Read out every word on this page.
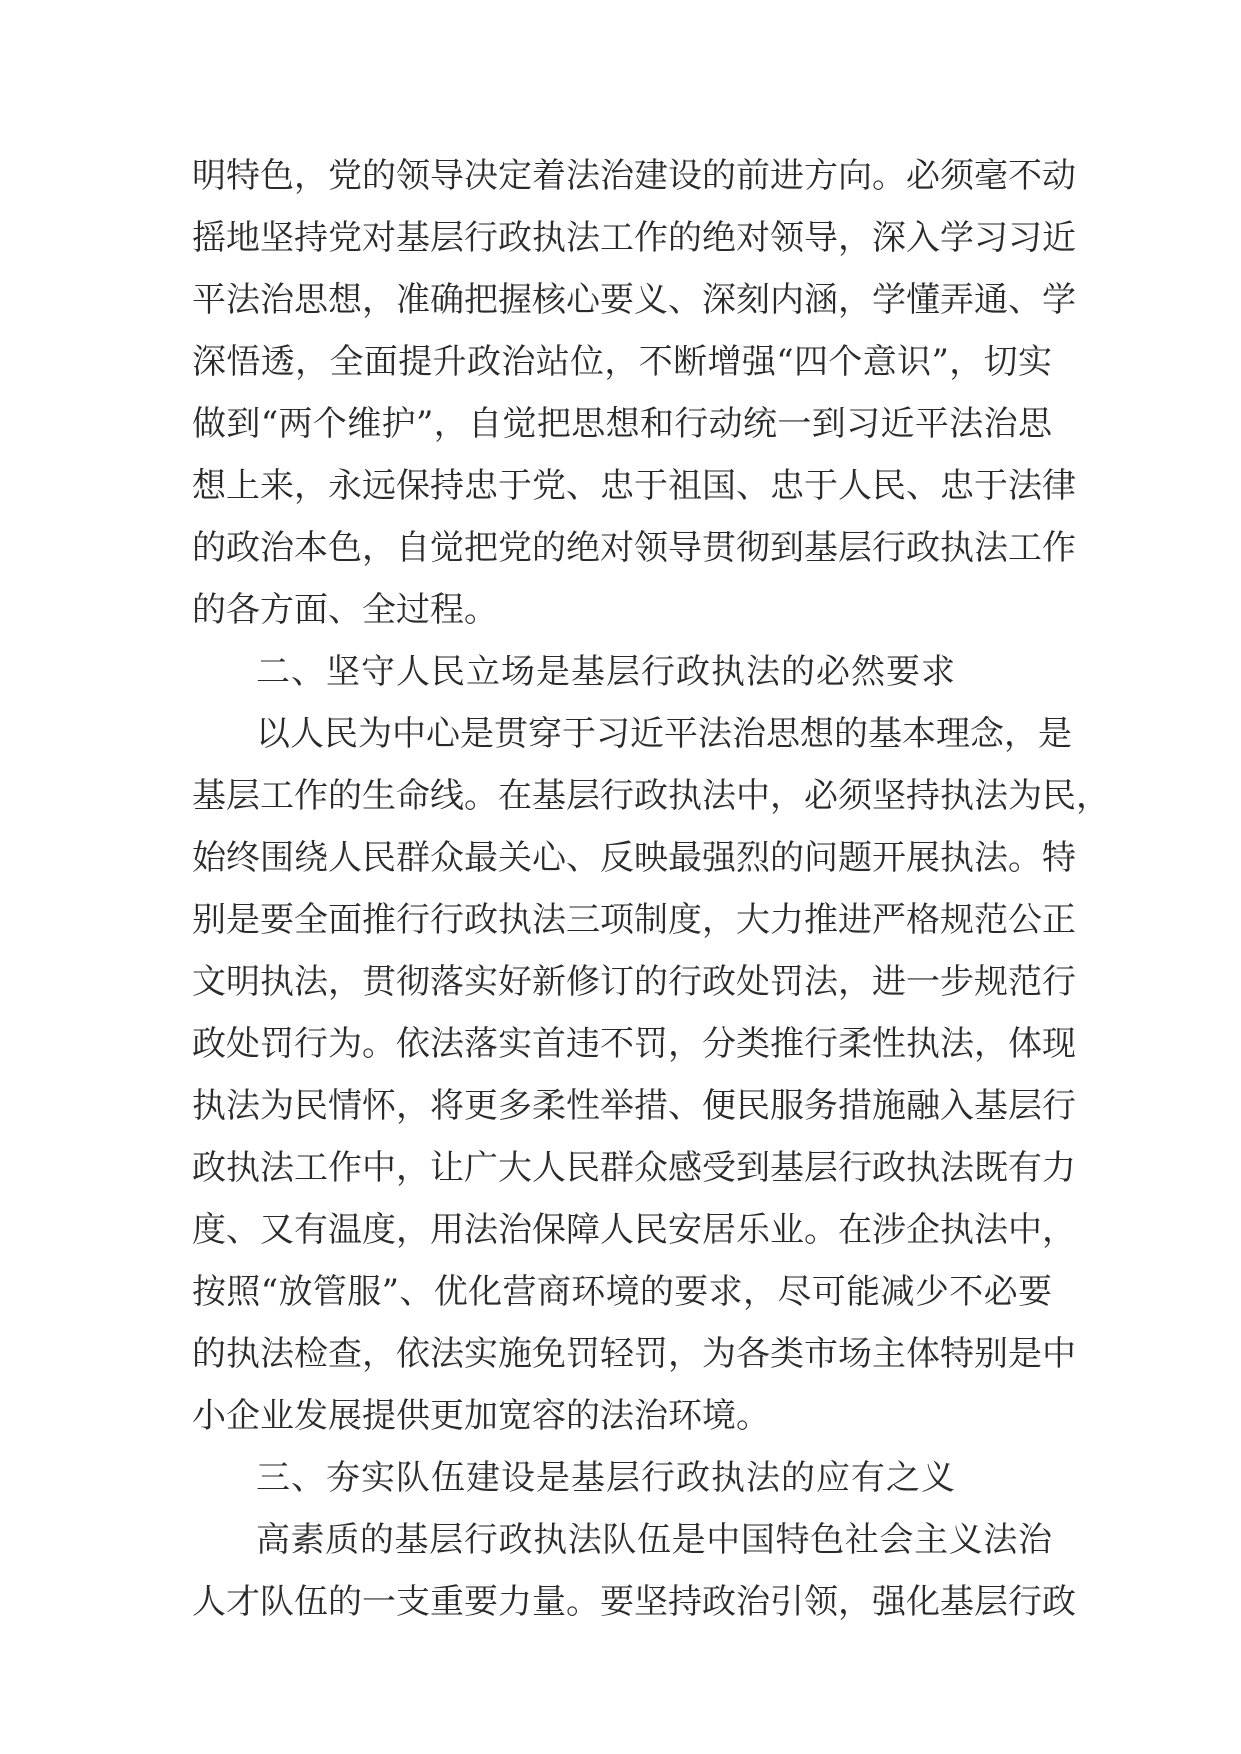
明特色，党的领导决定着法治建设的前进方向。必须毫不动
摇地坚持党对基层行政执法工作的绝对领导，深入学习习近
平法治思想，准确把握核心要义、深刻内涵，学懂弄通、学
深悟透，全面提升政治站位，不断增强“四个意识”，切实
做到“两个维护”，自觉把思想和行动统一到习近平法治思
想上来，永远保持忠于党、忠于祖国、忠于人民、忠于法律
的政治本色，自觉把党的绝对领导贯彻到基层行政执法工作
的各方面、全过程。
二、坚守人民立场是基层行政执法的必然要求
以人民为中心是贯穿于习近平法治思想的基本理念，是
基层工作的生命线。在基层行政执法中，必须坚持执法为民，
始终围绕人民群众最关心、反映最强烈的问题开展执法。特
别是要全面推行行政执法三项制度，大力推进严格规范公正
文明执法，贯彻落实好新修订的行政处罚法，进一步规范行
政处罚行为。依法落实首违不罚，分类推行柔性执法，体现
执法为民情怀，将更多柔性举措、便民服务措施融入基层行
政执法工作中，让广大人民群众感受到基层行政执法既有力
度、又有温度，用法治保障人民安居乐业。在涉企执法中，
按照“放管服”、优化营商环境的要求，尽可能减少不必要
的执法检查，依法实施免罚轻罚，为各类市场主体特别是中
小企业发展提供更加宽容的法治环境。
三、夯实队伍建设是基层行政执法的应有之义
高素质的基层行政执法队伍是中国特色社会主义法治
人才队伍的一支重要力量。要坚持政治引领，强化基层行政
